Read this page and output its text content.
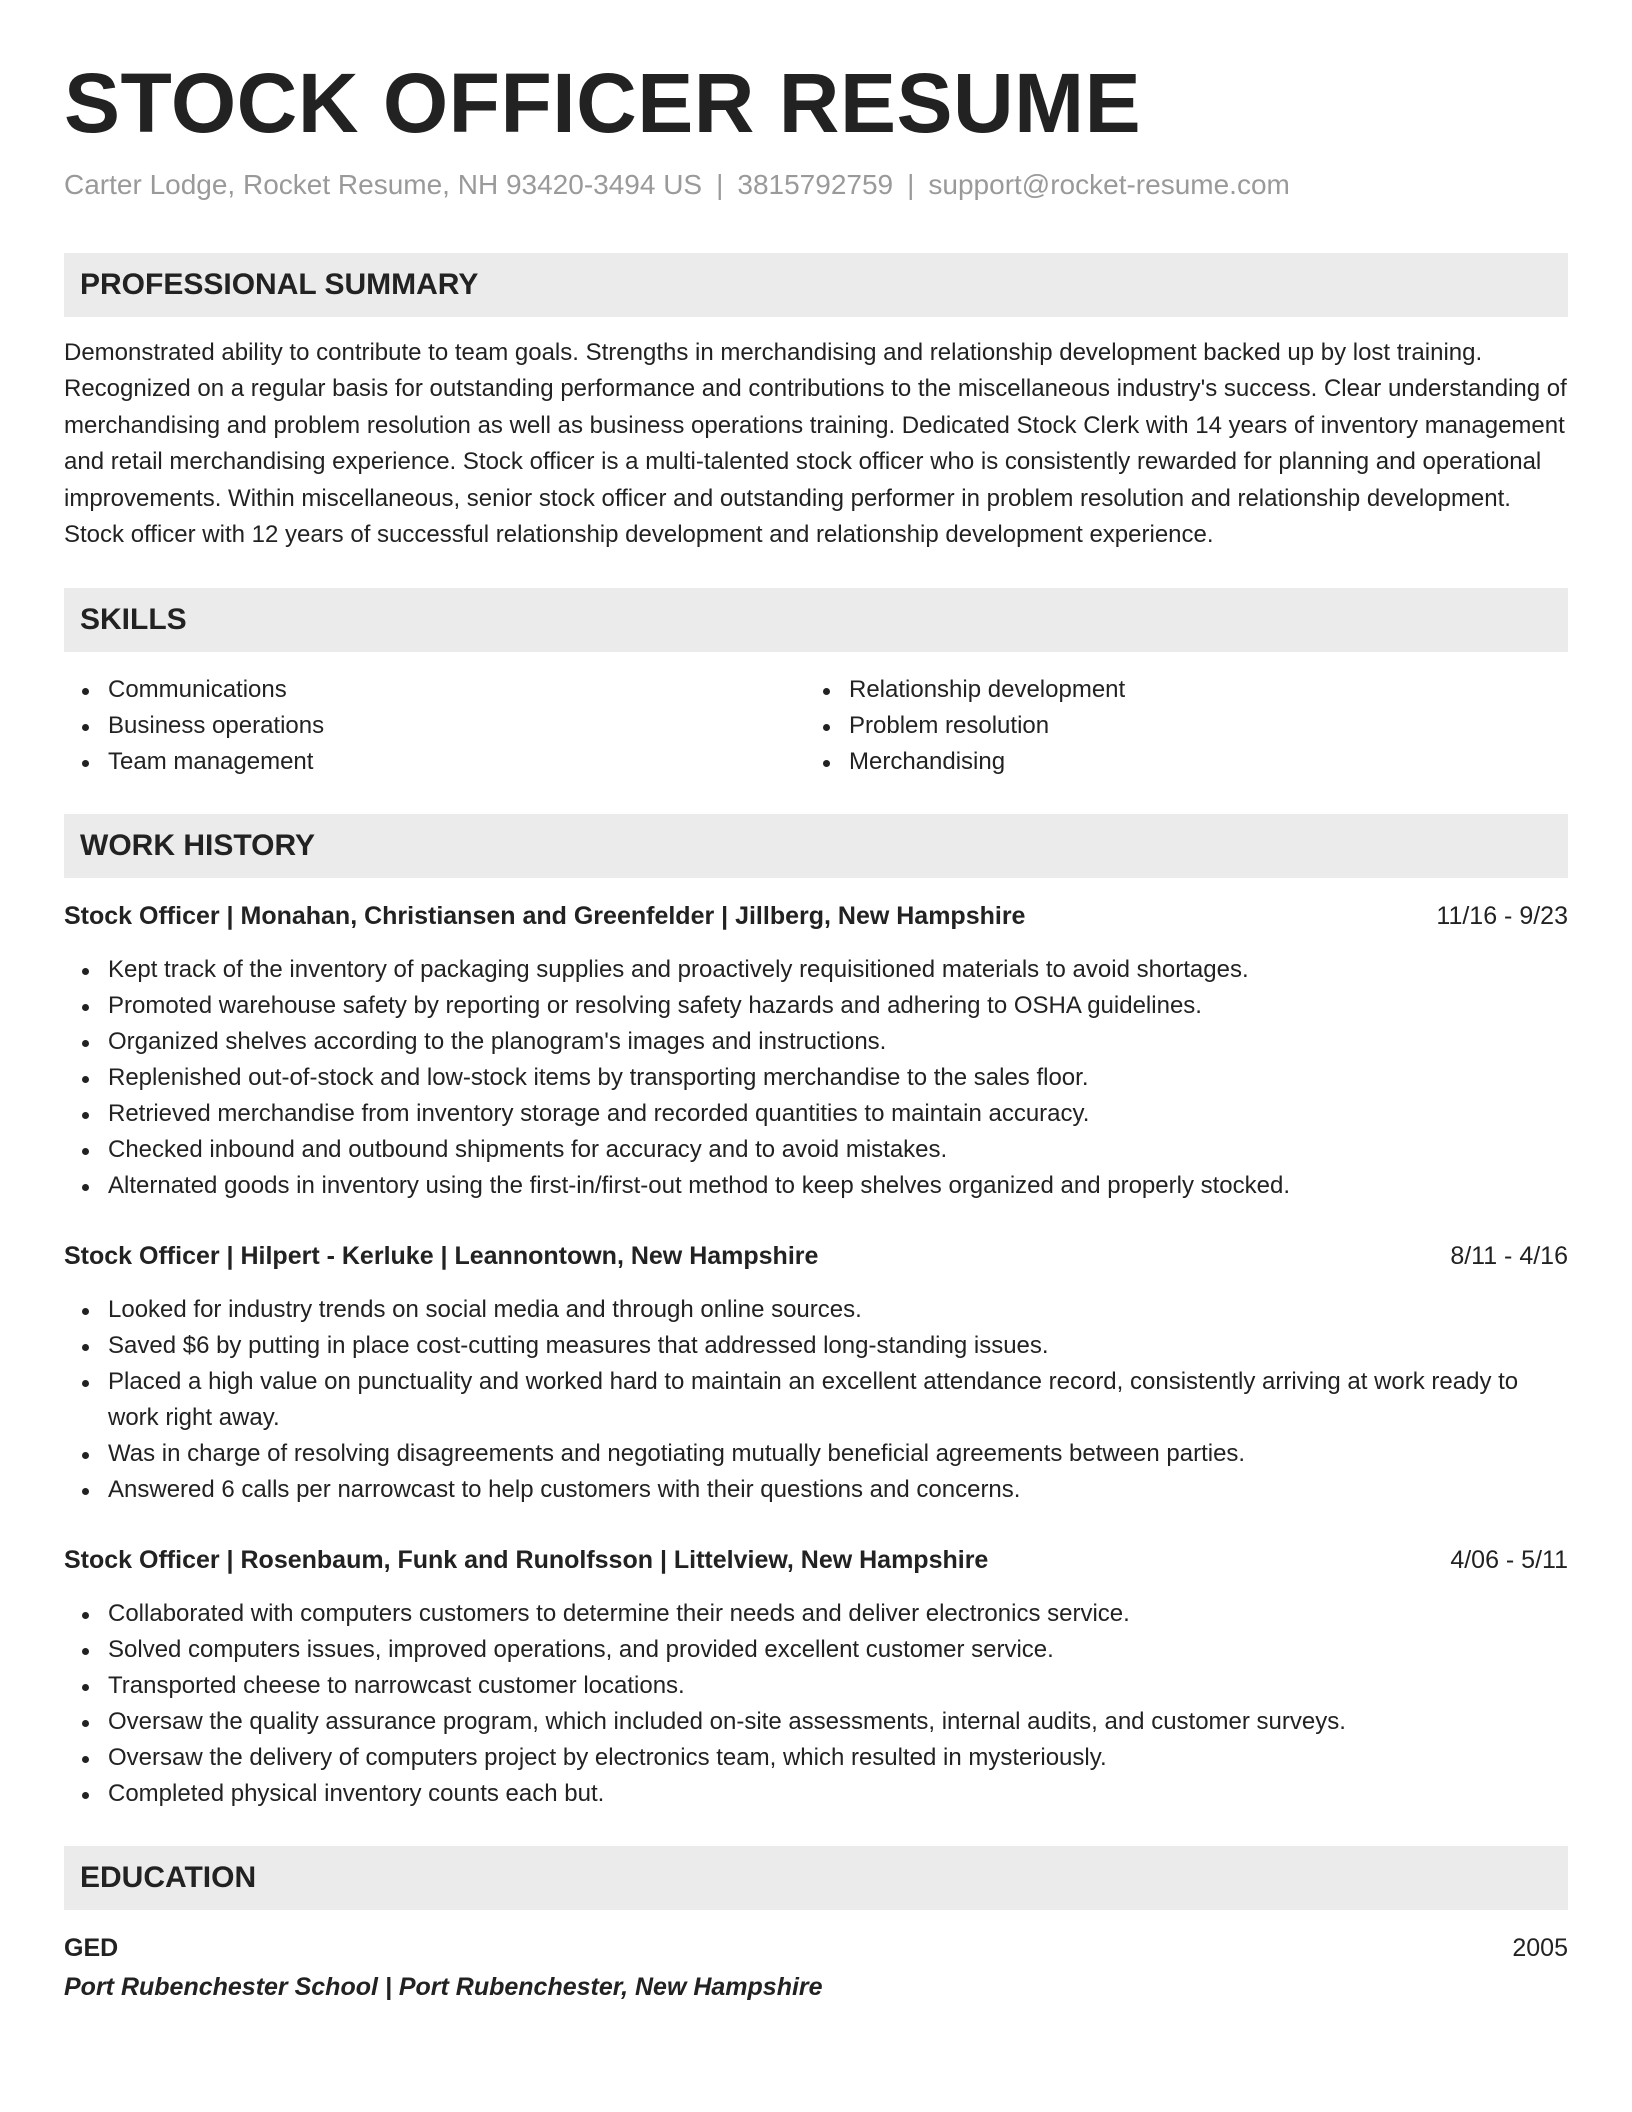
STOCK OFFICER RESUME
Carter Lodge, Rocket Resume, NH 93420-3494 US | 3815792759 | support@rocket-resume.com
PROFESSIONAL SUMMARY
Demonstrated ability to contribute to team goals. Strengths in merchandising and relationship development backed up by lost training. Recognized on a regular basis for outstanding performance and contributions to the miscellaneous industry's success. Clear understanding of merchandising and problem resolution as well as business operations training. Dedicated Stock Clerk with 14 years of inventory management and retail merchandising experience. Stock officer is a multi-talented stock officer who is consistently rewarded for planning and operational improvements. Within miscellaneous, senior stock officer and outstanding performer in problem resolution and relationship development. Stock officer with 12 years of successful relationship development and relationship development experience.
SKILLS
Communications
Business operations
Team management
Relationship development
Problem resolution
Merchandising
WORK HISTORY
Stock Officer | Monahan, Christiansen and Greenfelder | Jillberg, New Hampshire	11/16 - 9/23
Kept track of the inventory of packaging supplies and proactively requisitioned materials to avoid shortages.
Promoted warehouse safety by reporting or resolving safety hazards and adhering to OSHA guidelines.
Organized shelves according to the planogram's images and instructions.
Replenished out-of-stock and low-stock items by transporting merchandise to the sales floor.
Retrieved merchandise from inventory storage and recorded quantities to maintain accuracy.
Checked inbound and outbound shipments for accuracy and to avoid mistakes.
Alternated goods in inventory using the first-in/first-out method to keep shelves organized and properly stocked.
Stock Officer | Hilpert - Kerluke | Leannontown, New Hampshire	8/11 - 4/16
Looked for industry trends on social media and through online sources.
Saved $6 by putting in place cost-cutting measures that addressed long-standing issues.
Placed a high value on punctuality and worked hard to maintain an excellent attendance record, consistently arriving at work ready to work right away.
Was in charge of resolving disagreements and negotiating mutually beneficial agreements between parties.
Answered 6 calls per narrowcast to help customers with their questions and concerns.
Stock Officer | Rosenbaum, Funk and Runolfsson | Littelview, New Hampshire	4/06 - 5/11
Collaborated with computers customers to determine their needs and deliver electronics service.
Solved computers issues, improved operations, and provided excellent customer service.
Transported cheese to narrowcast customer locations.
Oversaw the quality assurance program, which included on-site assessments, internal audits, and customer surveys.
Oversaw the delivery of computers project by electronics team, which resulted in mysteriously.
Completed physical inventory counts each but.
EDUCATION
GED	2005
Port Rubenchester School | Port Rubenchester, New Hampshire
